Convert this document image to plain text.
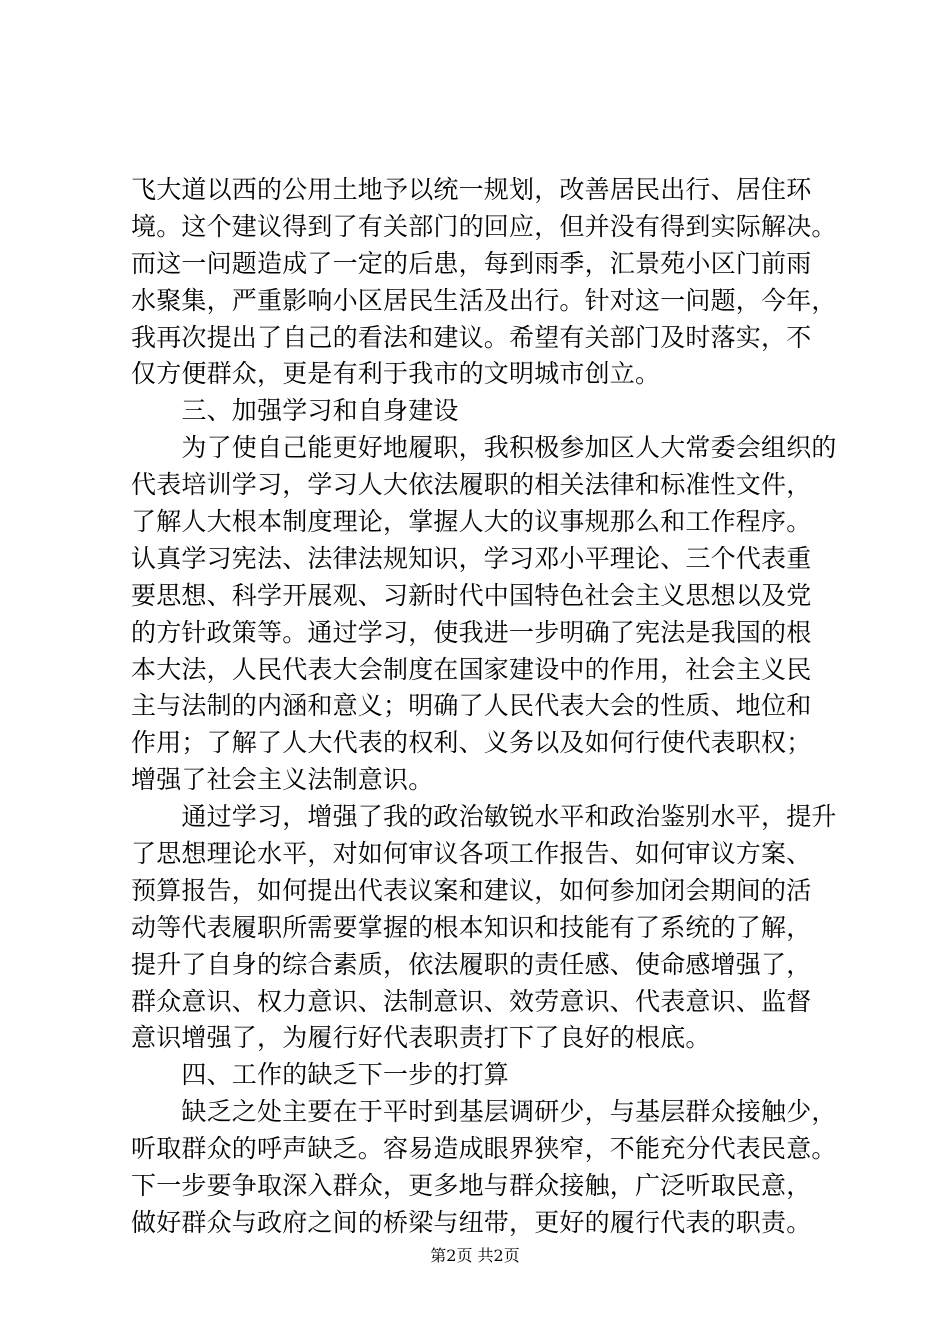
飞大道以西的公用土地予以统一规划，改善居民出行、居住环
境。这个建议得到了有关部门的回应，但并没有得到实际解决。
而这一问题造成了一定的后患，每到雨季，汇景苑小区门前雨
水聚集，严重影响小区居民生活及出行。针对这一问题，今年，
我再次提出了自己的看法和建议。希望有关部门及时落实，不
仅方便群众，更是有利于我市的文明城市创立。
　　三、加强学习和自身建设
　　为了使自己能更好地履职，我积极参加区人大常委会组织的
代表培训学习，学习人大依法履职的相关法律和标准性文件，
了解人大根本制度理论，掌握人大的议事规那么和工作程序。
认真学习宪法、法律法规知识，学习邓小平理论、三个代表重
要思想、科学开展观、习新时代中国特色社会主义思想以及党
的方针政策等。通过学习，使我进一步明确了宪法是我国的根
本大法，人民代表大会制度在国家建设中的作用，社会主义民
主与法制的内涵和意义；明确了人民代表大会的性质、地位和
作用；了解了人大代表的权利、义务以及如何行使代表职权；
增强了社会主义法制意识。
　　通过学习，增强了我的政治敏锐水平和政治鉴别水平，提升
了思想理论水平，对如何审议各项工作报告、如何审议方案、
预算报告，如何提出代表议案和建议，如何参加闭会期间的活
动等代表履职所需要掌握的根本知识和技能有了系统的了解，
提升了自身的综合素质，依法履职的责任感、使命感增强了，
群众意识、权力意识、法制意识、效劳意识、代表意识、监督
意识增强了，为履行好代表职责打下了良好的根底。
　　四、工作的缺乏下一步的打算
　　缺乏之处主要在于平时到基层调研少，与基层群众接触少，
听取群众的呼声缺乏。容易造成眼界狭窄，不能充分代表民意。
下一步要争取深入群众，更多地与群众接触，广泛听取民意，
做好群众与政府之间的桥梁与纽带，更好的履行代表的职责。
第2页 共2页
